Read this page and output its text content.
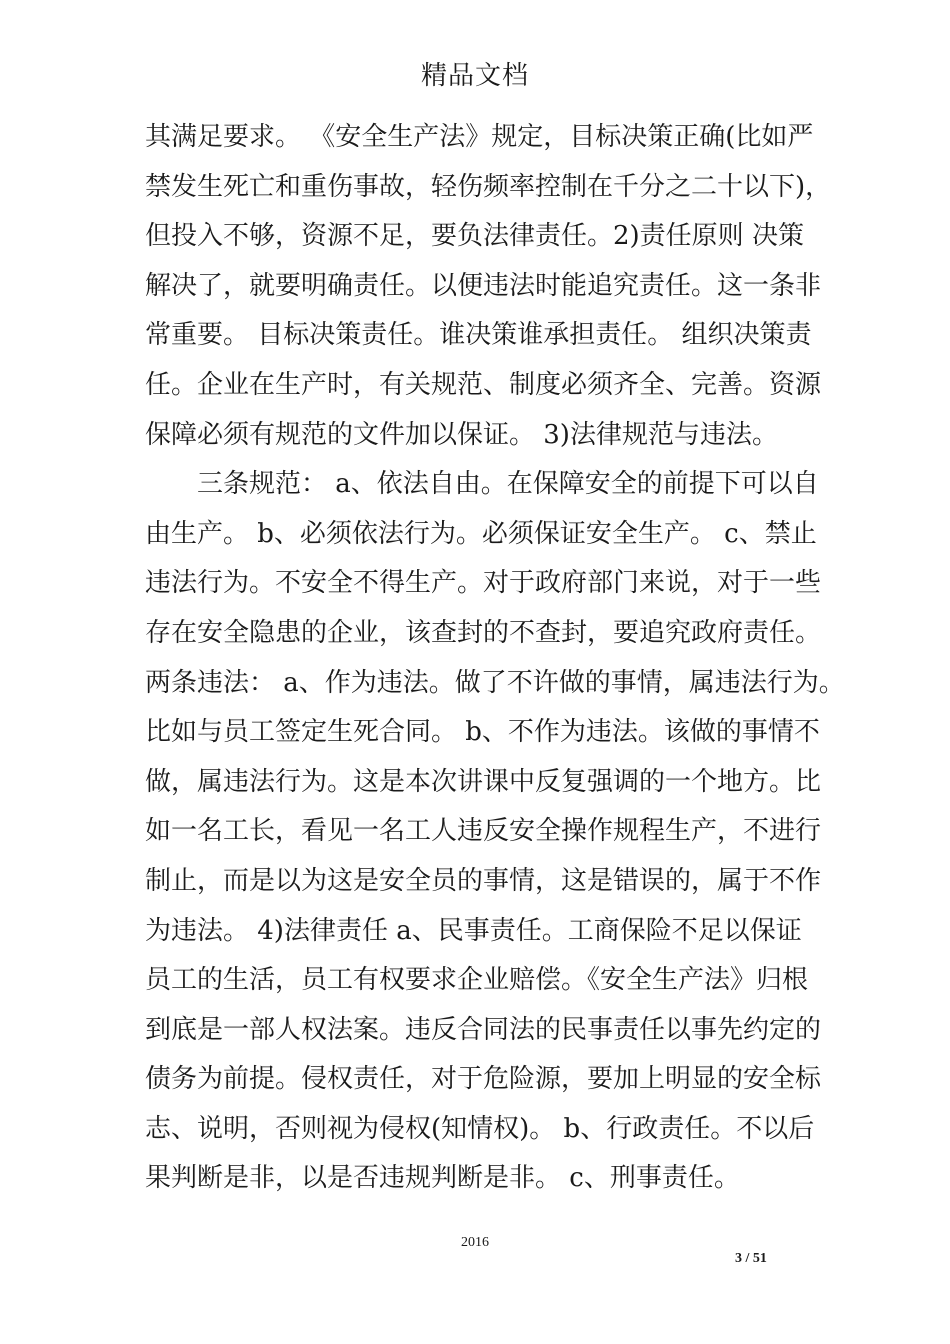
精品文档
其满足要求。 《安全生产法》规定，目标决策正确(比如严
禁发生死亡和重伤事故，轻伤频率控制在千分之二十以下)，
但投入不够，资源不足，要负法律责任。2)责任原则 决策
解决了，就要明确责任。以便违法时能追究责任。这一条非
常重要。 目标决策责任。谁决策谁承担责任。 组织决策责
任。企业在生产时，有关规范、制度必须齐全、完善。资源
保障必须有规范的文件加以保证。 3)法律规范与违法。
　　三条规范： a、依法自由。在保障安全的前提下可以自
由生产。 b、必须依法行为。必须保证安全生产。 c、禁止
违法行为。不安全不得生产。对于政府部门来说，对于一些
存在安全隐患的企业，该查封的不查封，要追究政府责任。
两条违法： a、作为违法。做了不许做的事情，属违法行为。
比如与员工签定生死合同。 b、不作为违法。该做的事情不
做，属违法行为。这是本次讲课中反复强调的一个地方。比
如一名工长，看见一名工人违反安全操作规程生产，不进行
制止，而是以为这是安全员的事情，这是错误的，属于不作
为违法。 4)法律责任 a、民事责任。工商保险不足以保证
员工的生活，员工有权要求企业赔偿。《安全生产法》归根
到底是一部人权法案。违反合同法的民事责任以事先约定的
债务为前提。侵权责任，对于危险源，要加上明显的安全标
志、说明，否则视为侵权(知情权)。 b、行政责任。不以后
果判断是非，以是否违规判断是非。 c、刑事责任。
2016
3 / 51
